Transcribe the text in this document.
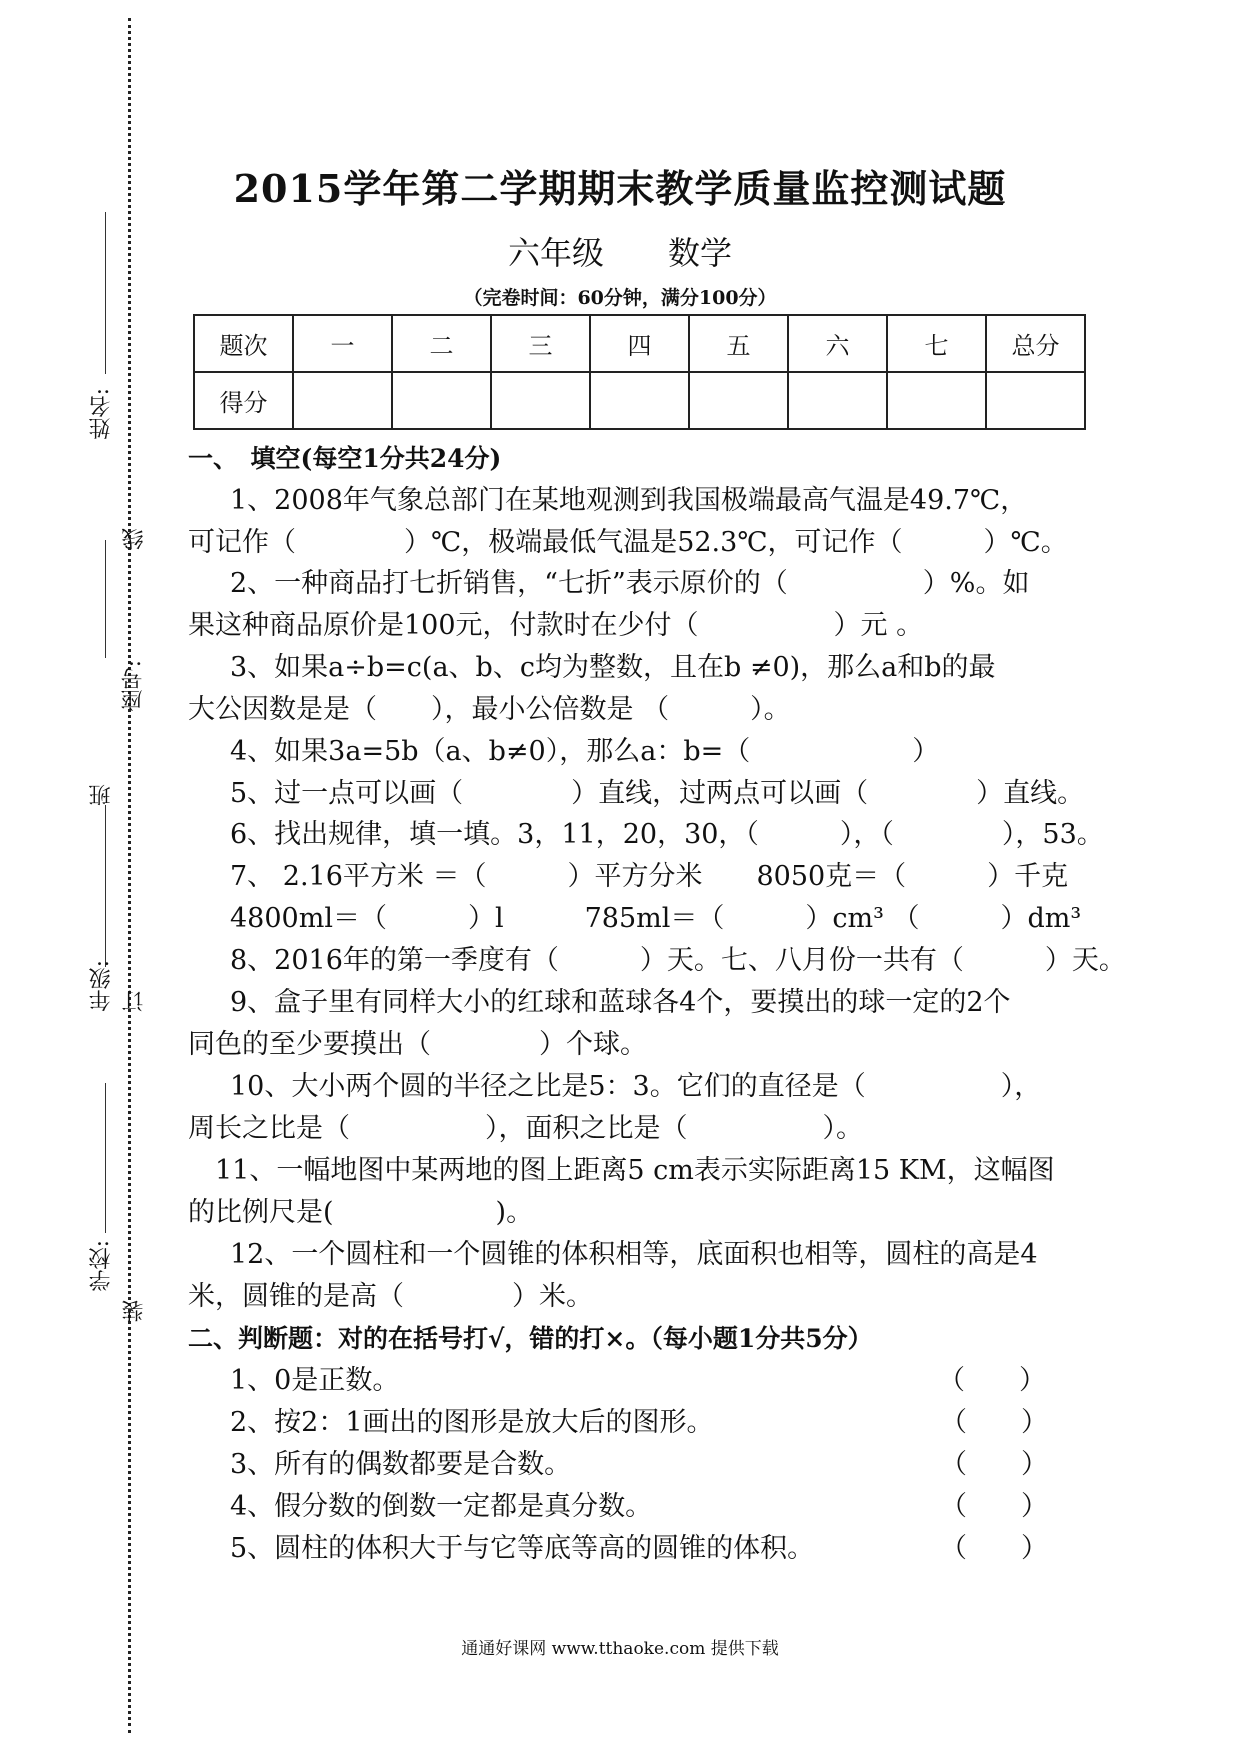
姓名:
线
座号:
班
年级: 订
学校:
装
2015学年第二学期期末教学质量监控测试题
六年级　　数学
（完卷时间：60分钟，满分100分）
题次	一	二	三	四	五	六	七	总分
得分								
一、　填空(每空1分共24分)
1、2008年气象总部门在某地观测到我国极端最高气温是49.7℃，
可记作（　　　　）℃，极端最低气温是52.3℃，可记作（　　　）℃。
2、一种商品打七折销售，“七折”表示原价的（　　　　　）%。如
果这种商品原价是100元，付款时在少付（　　　　　）元 。
3、如果a÷b=c(a、b、c均为整数，且在b ≠0)，那么a和b的最
大公因数是是（　　），最小公倍数是 （　　　）。
4、如果3a=5b（a、b≠0），那么a：b=（　　　　　　）
5、过一点可以画（　　　　）直线，过两点可以画（　　　　）直线。
6、找出规律，填一填。3，11，20，30，（　　　），（　　　　），53。
7、 2.16平方米 ＝（　　　）平方分米　　8050克＝（　　　）千克
4800ml＝（　　　）l　　　785ml＝（　　　）cm³ （　　　）dm³
8、2016年的第一季度有（　　　）天。七、八月份一共有（　　　）天。
9、盒子里有同样大小的红球和蓝球各4个，要摸出的球一定的2个
同色的至少要摸出（　　　　）个球。
10、大小两个圆的半径之比是5：3。它们的直径是（　　　　　），
周长之比是（　　　　　），面积之比是（　　　　　）。
11、一幅地图中某两地的图上距离5 cm表示实际距离15 KM，这幅图
的比例尺是(　　　　　　)。
12、一个圆柱和一个圆锥的体积相等，底面积也相等，圆柱的高是4
米，圆锥的是高（　　　　）米。
二、判断题：对的在括号打√，错的打×。（每小题1分共5分）
1、0是正数。	（　　）
2、按2：1画出的图形是放大后的图形。	（　　）
3、所有的偶数都要是合数。	（　　）
4、假分数的倒数一定都是真分数。	（　　）
5、圆柱的体积大于与它等底等高的圆锥的体积。	（　　）
通通好课网 www.tthaoke.com 提供下载
